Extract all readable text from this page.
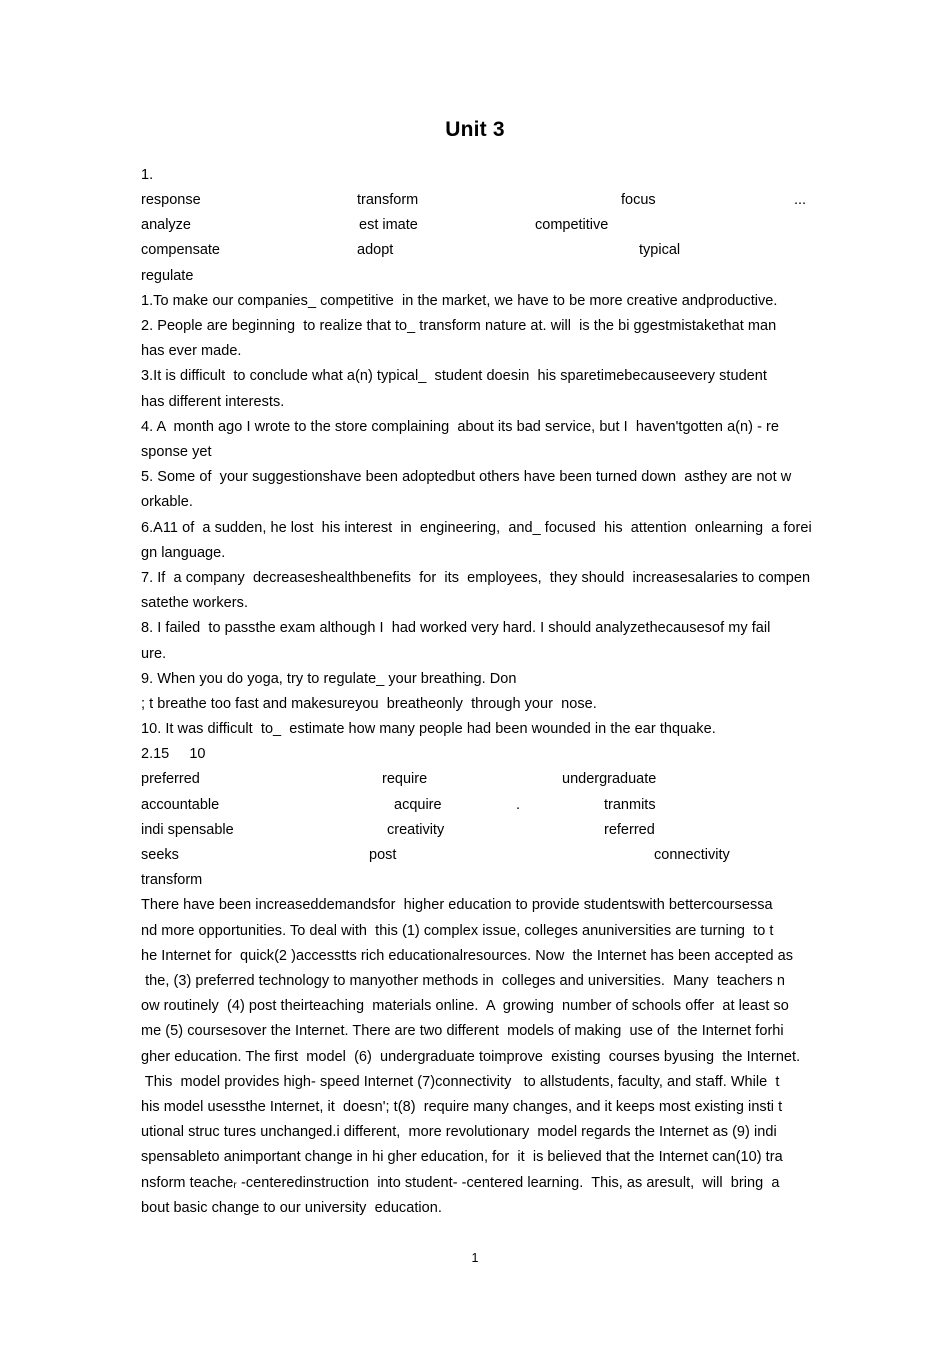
Unit 3
1.
response	transform	focus	...
analyze	est imate	competitive
compensate	adopt	typical
regulate
1.To make our companies_ competitive  in the market, we have to be more creative andproductive.
2. People are beginning  to realize that to_ transform nature at. will  is the bi ggestmistakethat man
has ever made.
3.It is difficult  to conclude what a(n) typical_  student doesin  his sparetimebecauseevery student
has different interests.
4. A  month ago I wrote to the store complaining  about its bad service, but I  haven'tgotten a(n) - re
sponse yet
5. Some of  your suggestionshave been adoptedbut others have been turned down  asthey are not w
orkable.
6.A11 of  a sudden, he lost  his interest  in  engineering,  and_ focused  his  attention  onlearning  a forei
gn language.
7. If  a company  decreaseshealthbenefits  for  its  employees,  they should  increasesalaries to compen
satethe workers.
8. I failed  to passthe exam although I  had worked very hard. I should analyzethecausesof my fail
ure.
9. When you do yoga, try to regulate_ your breathing. Don
; t breathe too fast and makesureyou  breatheonly  through your  nose.
10. It was difficult  to_  estimate how many people had been wounded in the ear thquake.
2.15     10
preferred	require	undergraduate
accountable	acquire	.	tranmits
indi spensable	creativity	referred
seeks	post	connectivity
transform
There have been increaseddemandsfor  higher education to provide studentswith bettercoursessa
nd more opportunities. To deal with  this (1) complex issue, colleges anuniversities are turning  to t
he Internet for  quick(2 )accesstts rich educationalresources. Now  the Internet has been accepted as
the, (3) preferred technology to manyother methods in  colleges and universities.  Many  teachers n
ow routinely  (4) post theirteaching  materials online.  A  growing  number of schools offer  at least so
me (5) coursesover the Internet. There are two different  models of making  use of  the Internet forhi
gher education. The first  model  (6)  undergraduate toimprove  existing  courses byusing  the Internet.
This  model provides high- speed Internet (7)connectivity   to allstudents, faculty, and staff. While  t
his model usessthe Internet, it  doesn'; t(8)  require many changes, and it keeps most existing insti t
utional struc tures unchanged.i different,  more revolutionary  model regards the Internet as (9) indi
spensableto animportant change in hi gher education, for  it  is believed that the Internet can(10) tra
nsform teacheᵣ -centeredinstruction  into student- -centered learning.  This, as aresult,  will  bring  a
bout basic change to our university  education.
1
